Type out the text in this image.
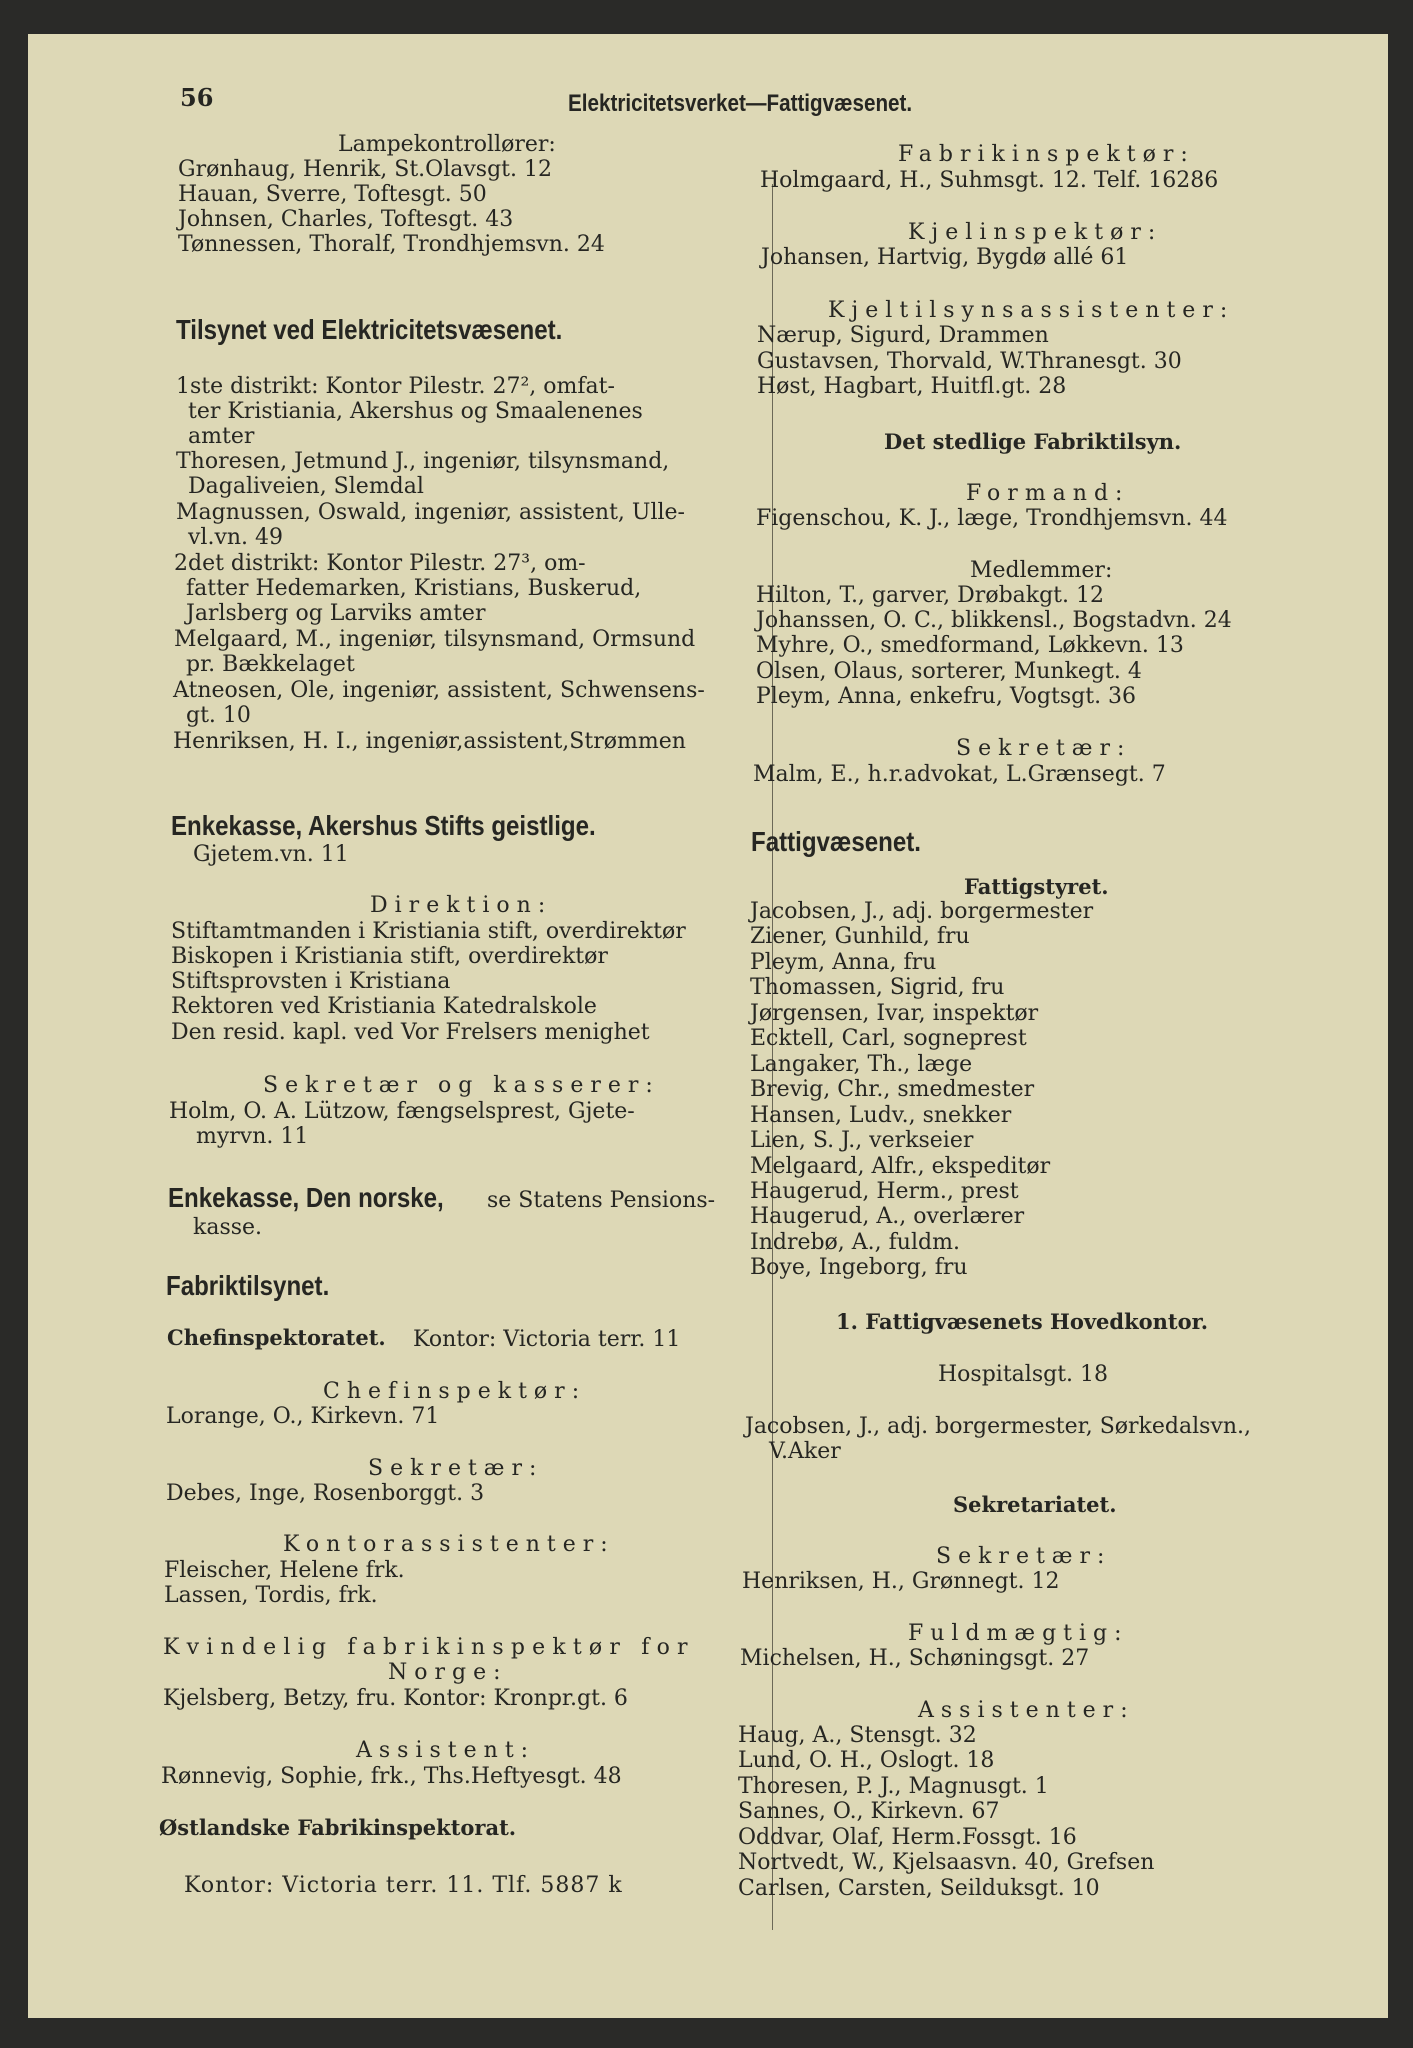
56	Elektricitetsverket—Fattigvæsenet.
Lampekontrollører:
Grønhaug, Henrik, St.Olavsgt. 12
Hauan, Sverre, Toftesgt. 50
Johnsen, Charles, Toftesgt. 43
Tønnessen, Thoralf, Trondhjemsvn. 24
Tilsynet ved Elektricitetsvæsenet.
1ste distrikt: Kontor Pilestr. 27², omfat-
ter Kristiania, Akershus og Smaalenenes
amter
Thoresen, Jetmund J., ingeniør, tilsynsmand,
Dagaliveien, Slemdal
Magnussen, Oswald, ingeniør, assistent, Ulle-
vl.vn. 49
2det distrikt: Kontor Pilestr. 27³, om-
fatter Hedemarken, Kristians, Buskerud,
Jarlsberg og Larviks amter
Melgaard, M., ingeniør, tilsynsmand, Ormsund
pr. Bækkelaget
Atneosen, Ole, ingeniør, assistent, Schwensens-
gt. 10
Henriksen, H. I., ingeniør,assistent,Strømmen
Enkekasse, Akershus Stifts geistlige.
Gjetem.vn. 11
Direktion:
Stiftamtmanden i Kristiania stift, overdirektør
Biskopen i Kristiania stift, overdirektør
Stiftsprovsten i Kristiana
Rektoren ved Kristiania Katedralskole
Den resid. kapl. ved Vor Frelsers menighet
Sekretær og kasserer:
Holm, O. A. Lützow, fængselsprest, Gjete-
myrvn. 11
Enkekasse, Den norske, se Statens Pensions-
kasse.
Fabriktilsynet.
Chefinspektoratet. Kontor: Victoria terr. 11
Chefinspektør:
Lorange, O., Kirkevn. 71
Sekretær:
Debes, Inge, Rosenborggt. 3
Kontorassistenter:
Fleischer, Helene frk.
Lassen, Tordis, frk.
Kvindelig fabrikinspektør for
Norge:
Kjelsberg, Betzy, fru. Kontor: Kronpr.gt. 6
Assistent:
Rønnevig, Sophie, frk., Ths.Heftyesgt. 48
Østlandske Fabrikinspektorat.
Kontor: Victoria terr. 11. Tlf. 5887 k
Fabrikinspektør:
Holmgaard, H., Suhmsgt. 12. Telf. 16286
Kjelinspektør:
Johansen, Hartvig, Bygdø allé 61
Kjeltilsynsassistenter:
Nærup, Sigurd, Drammen
Gustavsen, Thorvald, W.Thranesgt. 30
Høst, Hagbart, Huitfl.gt. 28
Det stedlige Fabriktilsyn.
Formand:
Figenschou, K. J., læge, Trondhjemsvn. 44
Medlemmer:
Hilton, T., garver, Drøbakgt. 12
Johanssen, O. C., blikkensl., Bogstadvn. 24
Myhre, O., smedformand, Løkkevn. 13
Olsen, Olaus, sorterer, Munkegt. 4
Pleym, Anna, enkefru, Vogtsgt. 36
Sekretær:
Malm, E., h.r.advokat, L.Grænsegt. 7
Fattigvæsenet.
Fattigstyret.
Jacobsen, J., adj. borgermester
Ziener, Gunhild, fru
Pleym, Anna, fru
Thomassen, Sigrid, fru
Jørgensen, Ivar, inspektør
Ecktell, Carl, sogneprest
Langaker, Th., læge
Brevig, Chr., smedmester
Hansen, Ludv., snekker
Lien, S. J., verkseier
Melgaard, Alfr., ekspeditør
Haugerud, Herm., prest
Haugerud, A., overlærer
Indrebø, A., fuldm.
Boye, Ingeborg, fru
1. Fattigvæsenets Hovedkontor.
Hospitalsgt. 18
Jacobsen, J., adj. borgermester, Sørkedalsvn.,
V.Aker
Sekretariatet.
Sekretær:
Henriksen, H., Grønnegt. 12
Fuldmægtig:
Michelsen, H., Schøningsgt. 27
Assistenter:
Haug, A., Stensgt. 32
Lund, O. H., Oslogt. 18
Thoresen, P. J., Magnusgt. 1
Sannes, O., Kirkevn. 67
Oddvar, Olaf, Herm.Fossgt. 16
Nortvedt, W., Kjelsaasvn. 40, Grefsen
Carlsen, Carsten, Seilduksgt. 10
